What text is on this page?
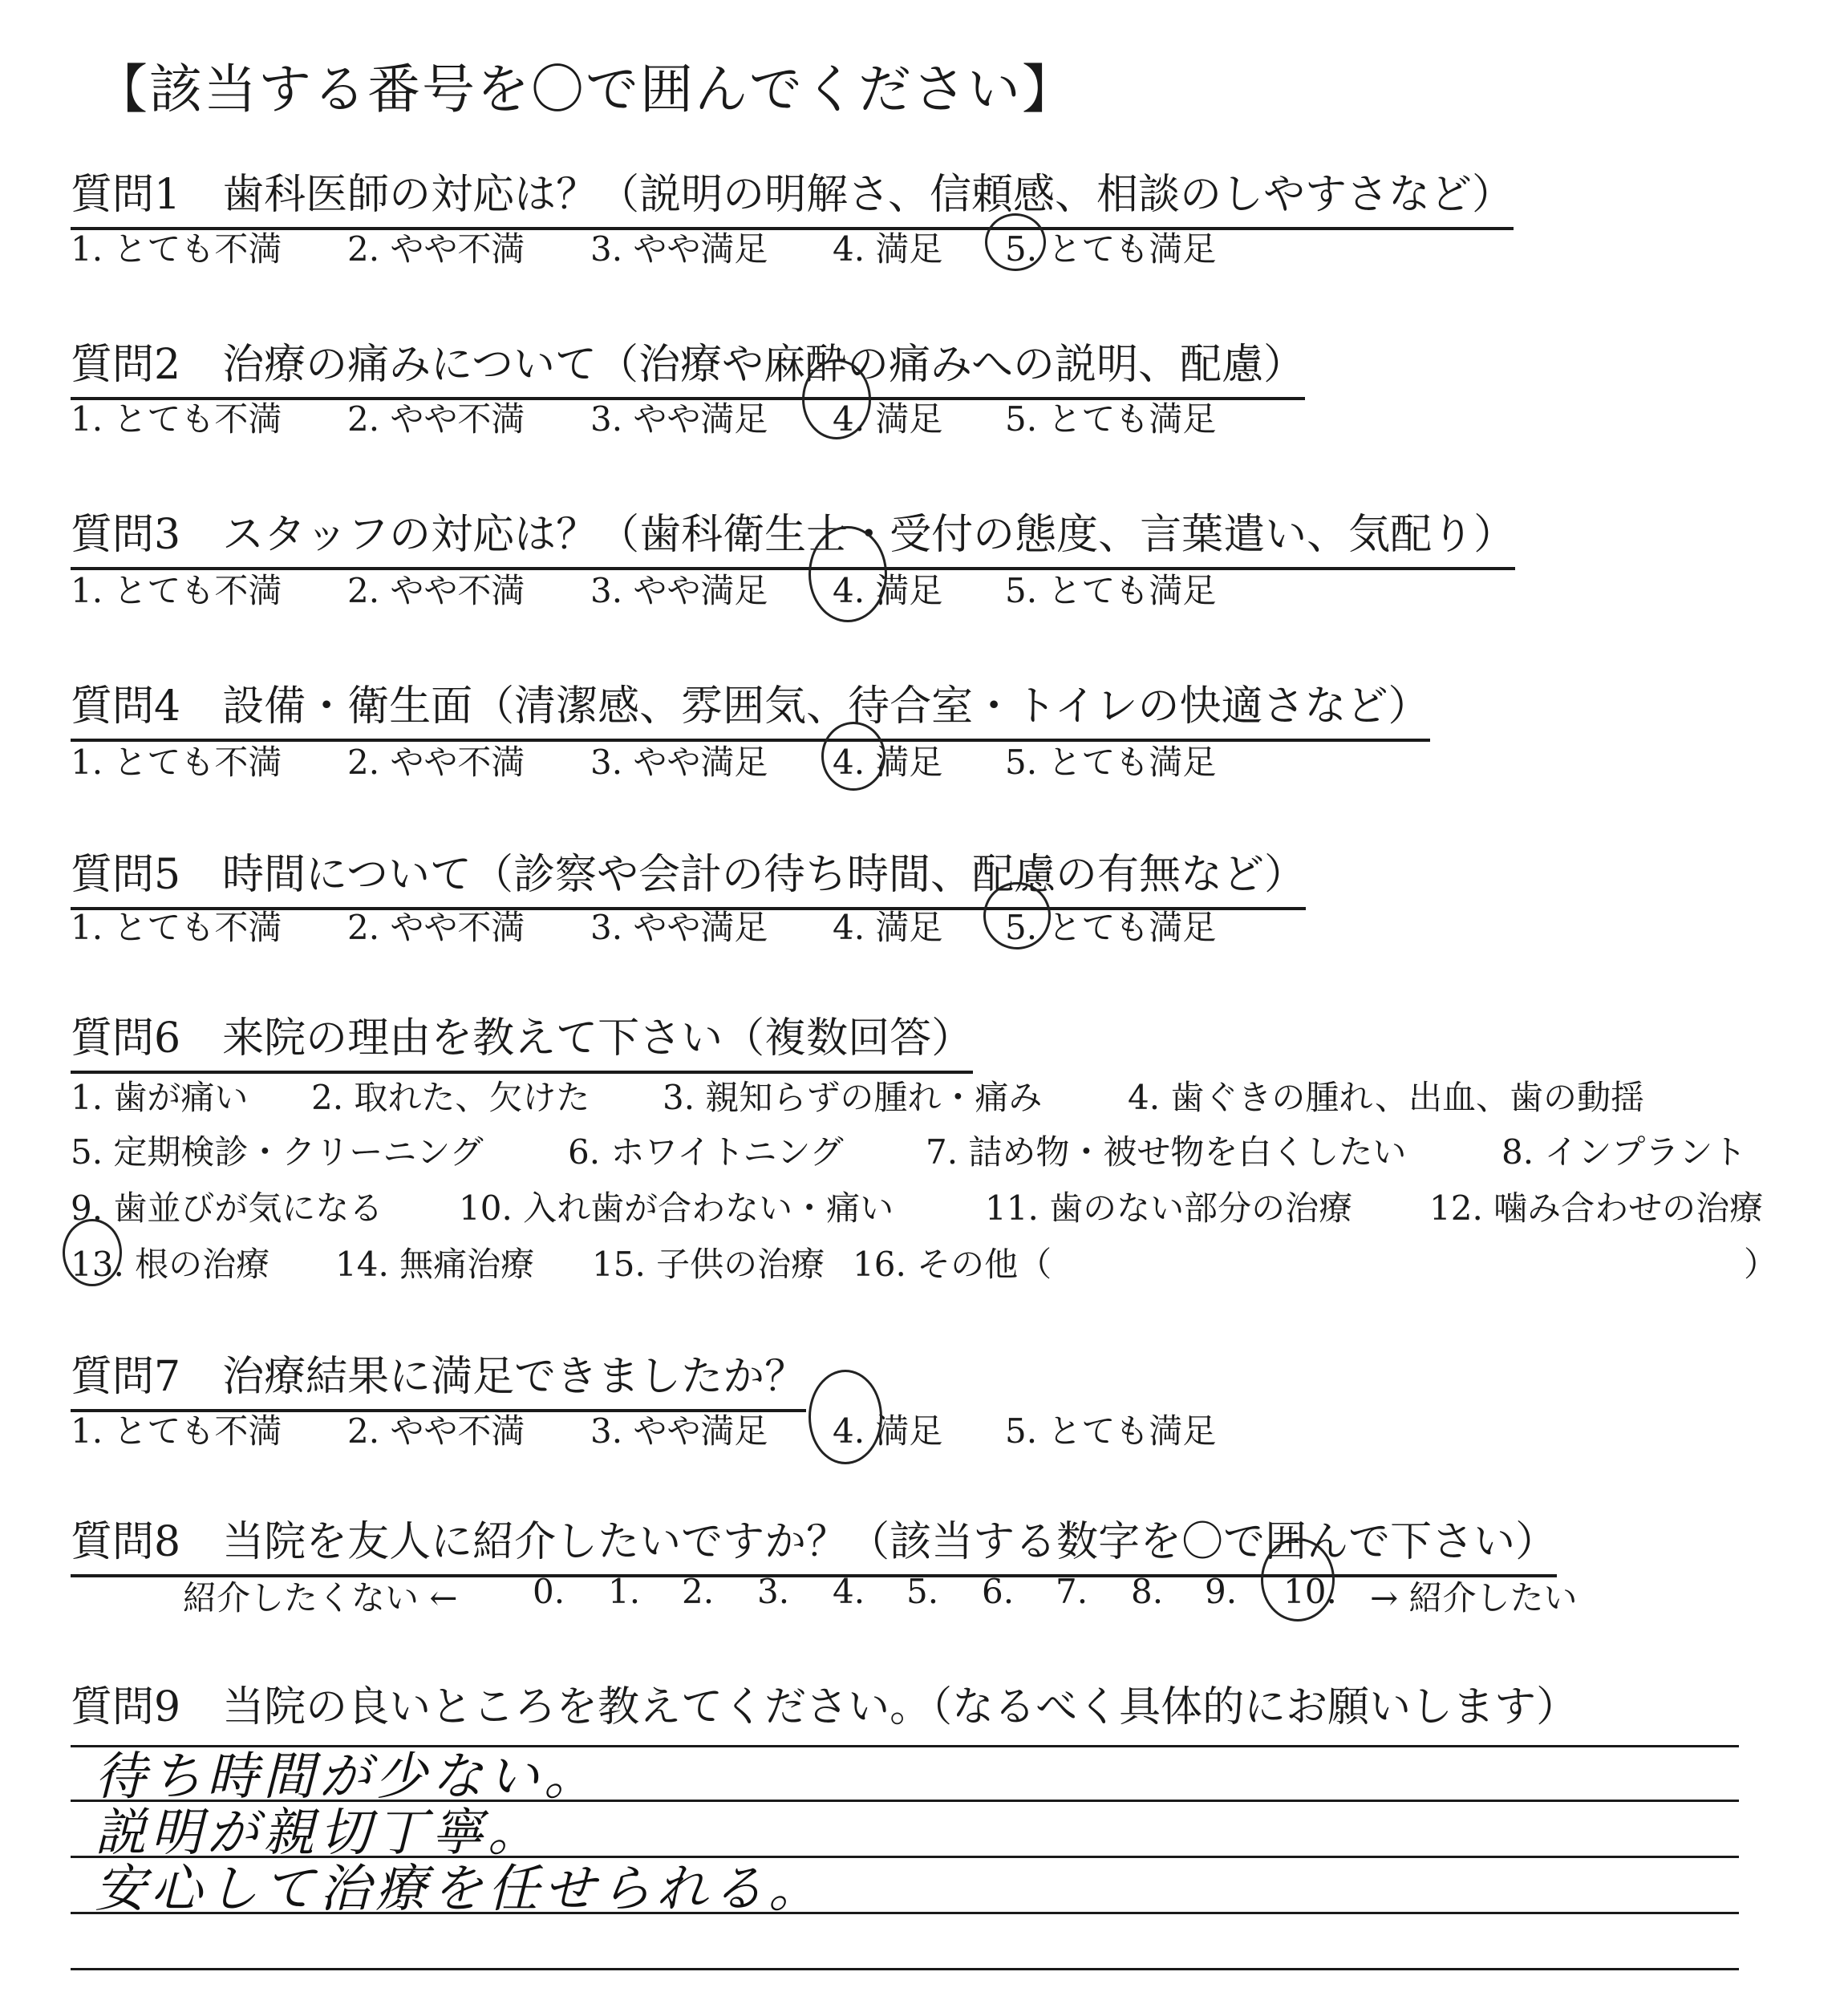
【該当する番号を〇で囲んでください】
質問1　歯科医師の対応は？（説明の明解さ、信頼感、相談のしやすさなど）
1. とても不満 2. やや不満 3. やや満足 4. 満足 5. とても満足
質問2　治療の痛みについて（治療や麻酔の痛みへの説明、配慮）
1. とても不満 2. やや不満 3. やや満足 4. 満足 5. とても満足
質問3　スタッフの対応は？（歯科衛生士・受付の態度、言葉遣い、気配り）
1. とても不満 2. やや不満 3. やや満足 4. 満足 5. とても満足
質問4　設備・衛生面（清潔感、雰囲気、待合室・トイレの快適さなど）
1. とても不満 2. やや不満 3. やや満足 4. 満足 5. とても満足
質問5　時間について（診察や会計の待ち時間、配慮の有無など）
1. とても不満 2. やや不満 3. やや満足 4. 満足 5. とても満足
質問6　来院の理由を教えて下さい（複数回答）
1. 歯が痛い 2. 取れた、欠けた 3. 親知らずの腫れ・痛み	4. 歯ぐきの腫れ、出血、歯の動揺
5. 定期検診・クリーニング	6. ホワイトニング 7. 詰め物・被せ物を白くしたい	8. インプラント
9. 歯並びが気になる 10. 入れ歯が合わない・痛い	11. 歯のない部分の治療 12. 噛み合わせの治療
13. 根の治療 14. 無痛治療 15. 子供の治療 16. その他（	）
質問7　治療結果に満足できましたか？
1. とても不満 2. やや不満 3. やや満足 4. 満足 5. とても満足
質問8　当院を友人に紹介したいですか？（該当する数字を〇で囲んで下さい）
紹介したくない ← 0. 1. 2. 3. 4. 5. 6. 7. 8. 9. 10. → 紹介したい
質問9　当院の良いところを教えてください。（なるべく具体的にお願いします）
待ち時間が少ない。
説明が親切丁寧。
安心して治療を任せられる。
